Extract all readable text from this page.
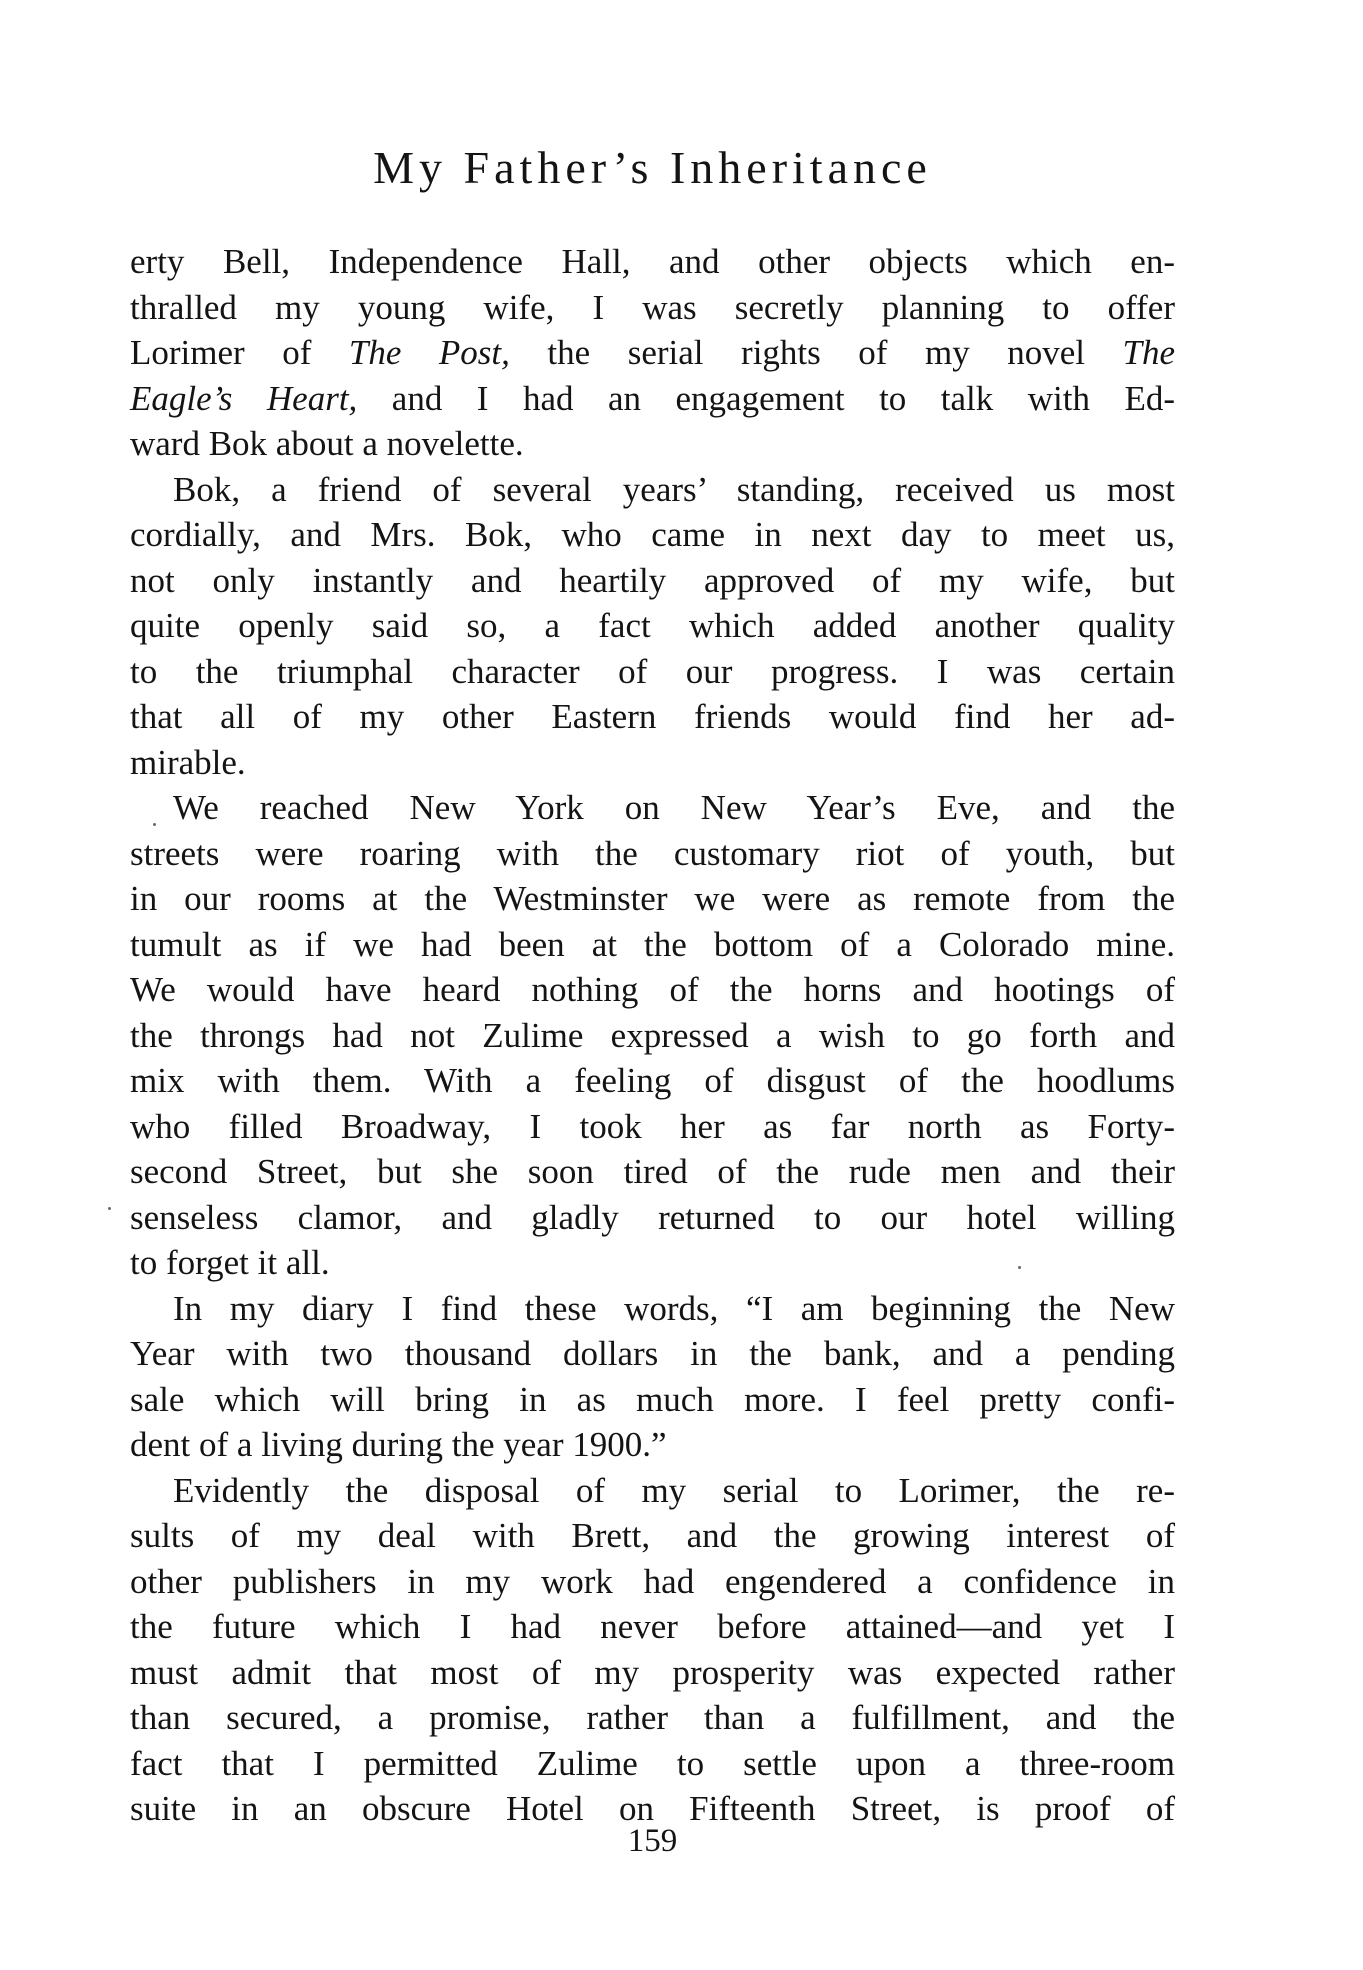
My Father’s Inheritance
erty Bell, Independence Hall, and other objects which en-
thralled my young wife, I was secretly planning to offer
Lorimer of The Post, the serial rights of my novel The
Eagle’s Heart, and I had an engagement to talk with Ed-
ward Bok about a novelette.
Bok, a friend of several years’ standing, received us most
cordially, and Mrs. Bok, who came in next day to meet us,
not only instantly and heartily approved of my wife, but
quite openly said so, a fact which added another quality
to the triumphal character of our progress. I was certain
that all of my other Eastern friends would find her ad-
mirable.
We reached New York on New Year’s Eve, and the
streets were roaring with the customary riot of youth, but
in our rooms at the Westminster we were as remote from the
tumult as if we had been at the bottom of a Colorado mine.
We would have heard nothing of the horns and hootings of
the throngs had not Zulime expressed a wish to go forth and
mix with them. With a feeling of disgust of the hoodlums
who filled Broadway, I took her as far north as Forty-
second Street, but she soon tired of the rude men and their
senseless clamor, and gladly returned to our hotel willing
to forget it all.
In my diary I find these words, “I am beginning the New
Year with two thousand dollars in the bank, and a pending
sale which will bring in as much more. I feel pretty confi-
dent of a living during the year 1900.”
Evidently the disposal of my serial to Lorimer, the re-
sults of my deal with Brett, and the growing interest of
other publishers in my work had engendered a confidence in
the future which I had never before attained—and yet I
must admit that most of my prosperity was expected rather
than secured, a promise, rather than a fulfillment, and the
fact that I permitted Zulime to settle upon a three-room
suite in an obscure Hotel on Fifteenth Street, is proof of
159
